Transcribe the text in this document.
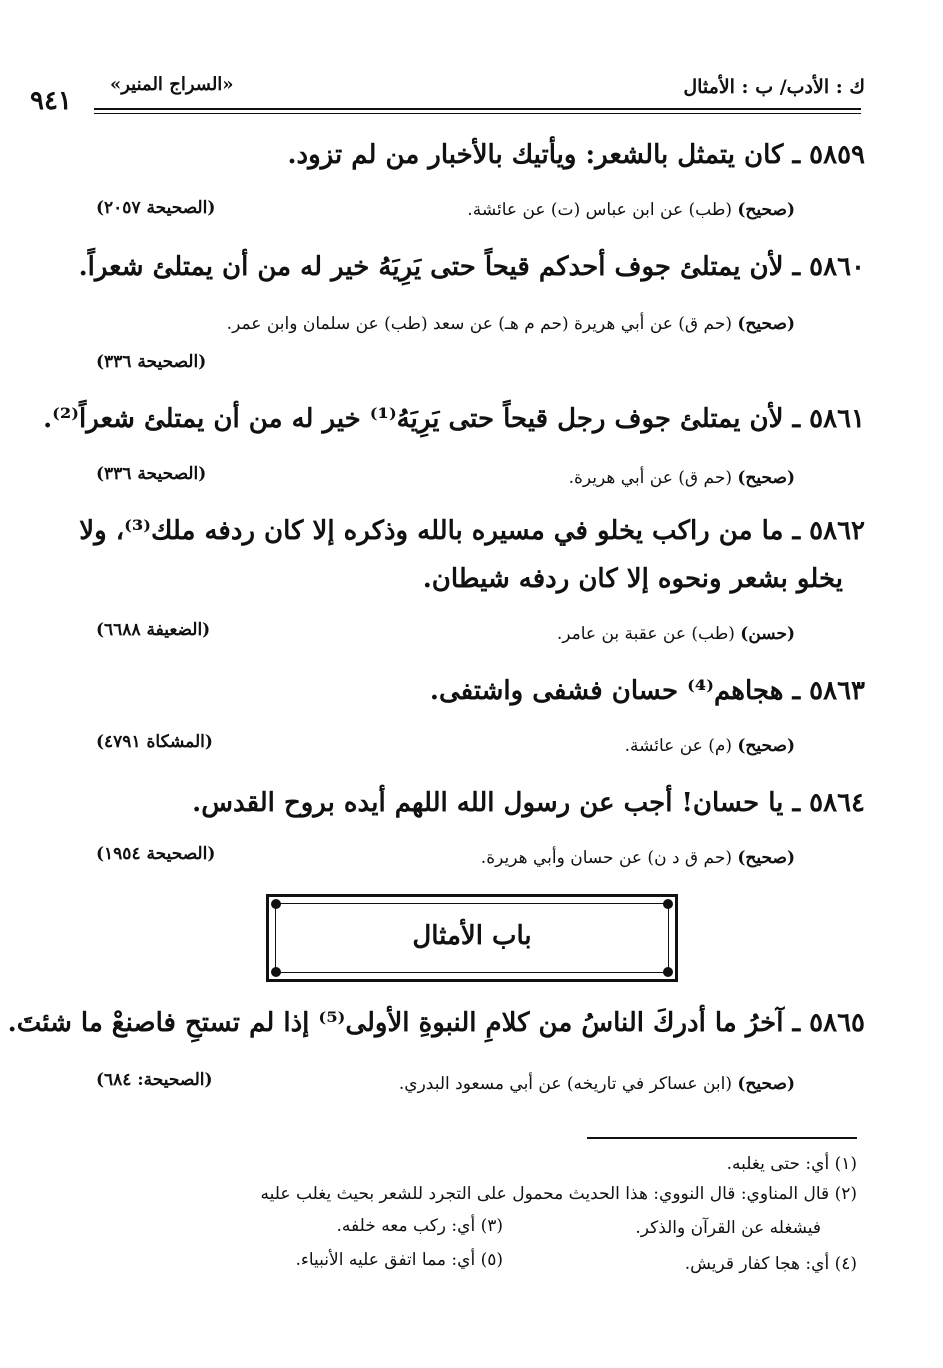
ك : الأدب/ ب : الأمثال
«السراج المنير»
٩٤١
٥٨٥٩ ـ كان يتمثل بالشعر: ويأتيك بالأخبار من لم تزود.
(صحيح) (طب) عن ابن عباس (ت) عن عائشة.
(الصحيحة ٢٠٥٧)
٥٨٦٠ ـ لأن يمتلئ جوف أحدكم قيحاً حتى يَرِيَهُ خير له من أن يمتلئ شعراً.
(صحيح) (حم ق) عن أبي هريرة (حم م هـ) عن سعد (طب) عن سلمان وابن عمر.
(الصحيحة ٣٣٦)
٥٨٦١ ـ لأن يمتلئ جوف رجل قيحاً حتى يَرِيَهُ⁽¹⁾ خير له من أن يمتلئ شعراً⁽²⁾.
(صحيح) (حم ق) عن أبي هريرة.
(الصحيحة ٣٣٦)
٥٨٦٢ ـ ما من راكب يخلو في مسيره بالله وذكره إلا كان ردفه ملك⁽³⁾، ولا
يخلو بشعر ونحوه إلا كان ردفه شيطان.
(حسن) (طب) عن عقبة بن عامر.
(الضعيفة ٦٦٨٨)
٥٨٦٣ ـ هجاهم⁽⁴⁾ حسان فشفى واشتفى.
(صحيح) (م) عن عائشة.
(المشكاة ٤٧٩١)
٥٨٦٤ ـ يا حسان! أجب عن رسول الله اللهم أيده بروح القدس.
(صحيح) (حم ق د ن) عن حسان وأبي هريرة.
(الصحيحة ١٩٥٤)
باب الأمثال
٥٨٦٥ ـ آخرُ ما أدركَ الناسُ من كلامِ النبوةِ الأولى⁽⁵⁾ إذا لم تستحِ فاصنعْ ما شئتَ.
(صحيح) (ابن عساكر في تاريخه) عن أبي مسعود البدري.
(الصحيحة: ٦٨٤)
(١) أي: حتى يغلبه.
(٢) قال المناوي: قال النووي: هذا الحديث محمول على التجرد للشعر بحيث يغلب عليه
فيشغله عن القرآن والذكر.
(٣) أي: ركب معه خلفه.
(٤) أي: هجا كفار قريش.
(٥) أي: مما اتفق عليه الأنبياء.
